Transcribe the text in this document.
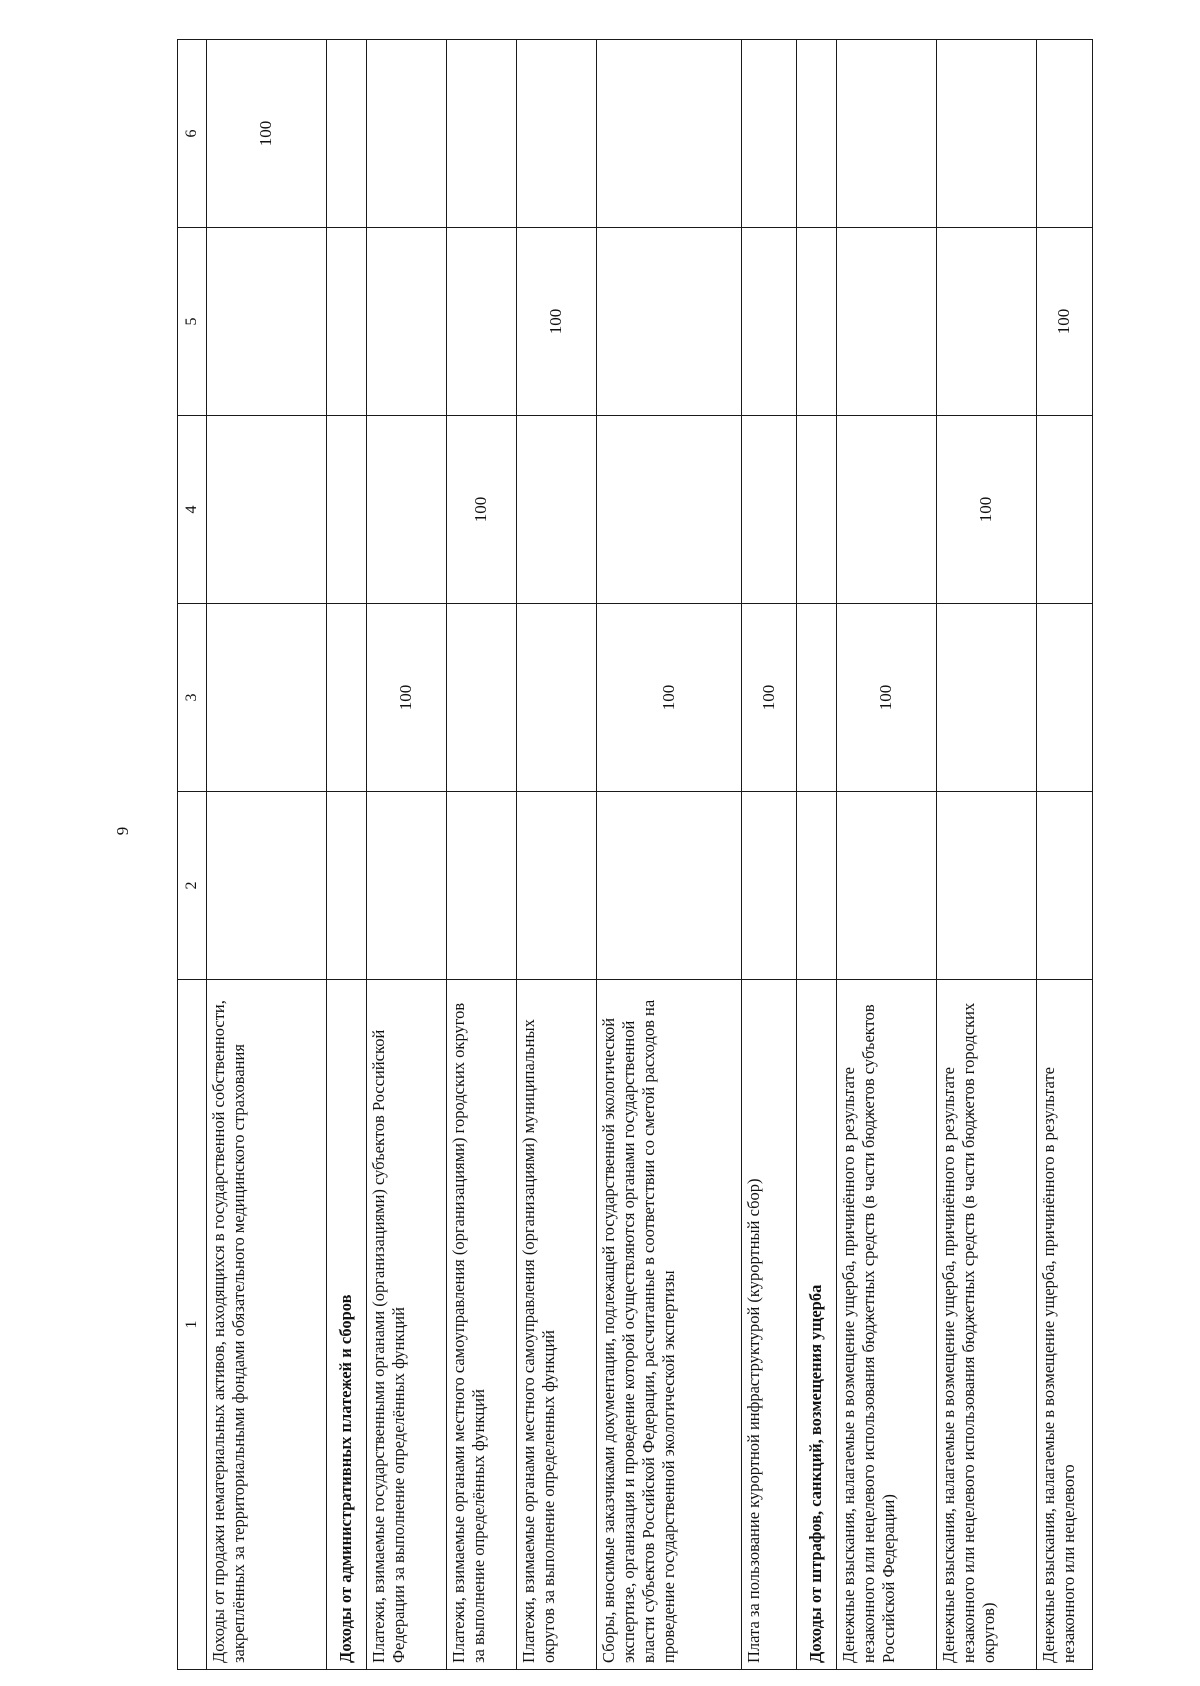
9
1	2	3	4	5	6
Доходы от продажи нематериальных активов, находящихся в государственной собственности, закреплённых за территориальными фондами обязательного медицинского страхования					100
Доходы от административных платежей и сборов					
Платежи, взимаемые государственными органами (организациями) субъектов Российской Федерации за выполнение определённых функций		100			
Платежи, взимаемые органами местного самоуправления (организациями) городских округов за выполнение определённых функций			100		
Платежи, взимаемые органами местного самоуправления (организациями) муниципальных округов за выполнение определенных функций				100	
Сборы, вносимые заказчиками документации, подлежащей государственной экологической экспертизе, организация и проведение которой осуществляются органами государственной власти субъектов Российской Федерации, рассчитанные в соответствии со сметой расходов на проведение государственной экологической экспертизы		100			
Плата за пользование курортной инфраструктурой (курортный сбор)		100			
Доходы от штрафов, санкций, возмещения ущерба					
Денежные взыскания, налагаемые в возмещение ущерба, причинённого в результате незаконного или нецелевого использования бюджетных средств (в части бюджетов субъектов Российской Федерации)		100			
Денежные взыскания, налагаемые в возмещение ущерба, причинённого в результате незаконного или нецелевого использования бюджетных средств (в части бюджетов городских округов)			100		
Денежные взыскания, налагаемые в возмещение ущерба, причинённого в результате незаконного или нецелевого				100	
